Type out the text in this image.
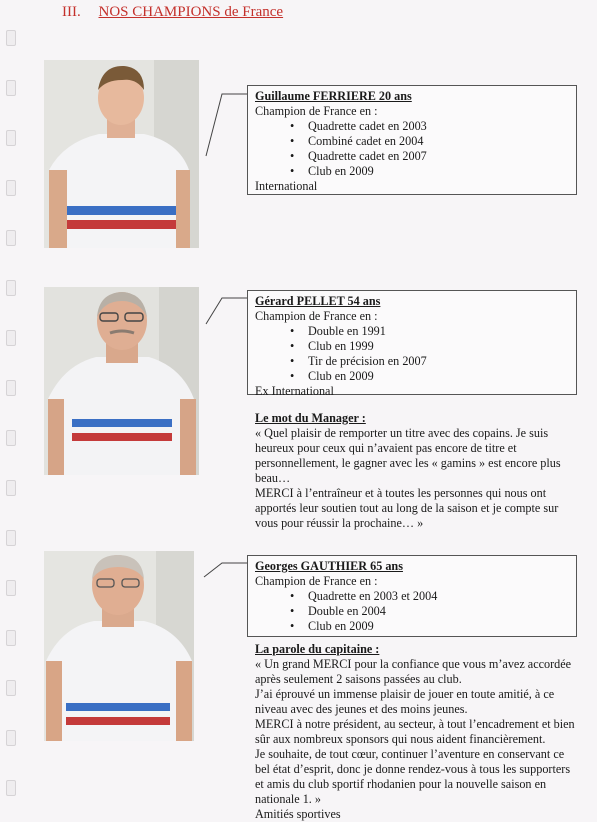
III. NOS CHAMPIONS de France
Guillaume FERRIERE 20 ans
Champion de France en :
• Quadrette cadet en 2003
• Combiné cadet en 2004
• Quadrette cadet en 2007
• Club en 2009
International
Gérard PELLET 54 ans
Champion de France en :
• Double en 1991
• Club en 1999
• Tir de précision en 2007
• Club en 2009
Ex International
Le mot du Manager :

« Quel plaisir de remporter un titre avec des copains. Je suis heureux pour ceux qui n’avaient pas encore de titre et personnellement, le gagner avec les « gamins » est encore plus beau…

MERCI à l’entraîneur et à toutes les personnes qui nous ont apportés leur soutien tout au long de la saison et je compte sur vous pour réussir la prochaine… »

Georges GAUTHIER 65 ans
Champion de France en :
• Quadrette en 2003 et 2004
• Double en 2004
• Club en 2009
La parole du capitaine :

« Un grand MERCI pour la confiance que vous m’avez accordée après seulement 2 saisons passées au club.

J’ai éprouvé un immense plaisir de jouer en toute amitié, à ce niveau avec des jeunes et des moins jeunes.

MERCI à notre président, au secteur, à tout l’encadrement et bien sûr aux nombreux sponsors qui nous aident financièrement.

Je souhaite, de tout cœur, continuer l’aventure en conservant ce bel état d’esprit, donc je donne rendez-vous à tous les supporters et amis du club sportif rhodanien pour la nouvelle saison en nationale 1. »

Amitiés sportives
